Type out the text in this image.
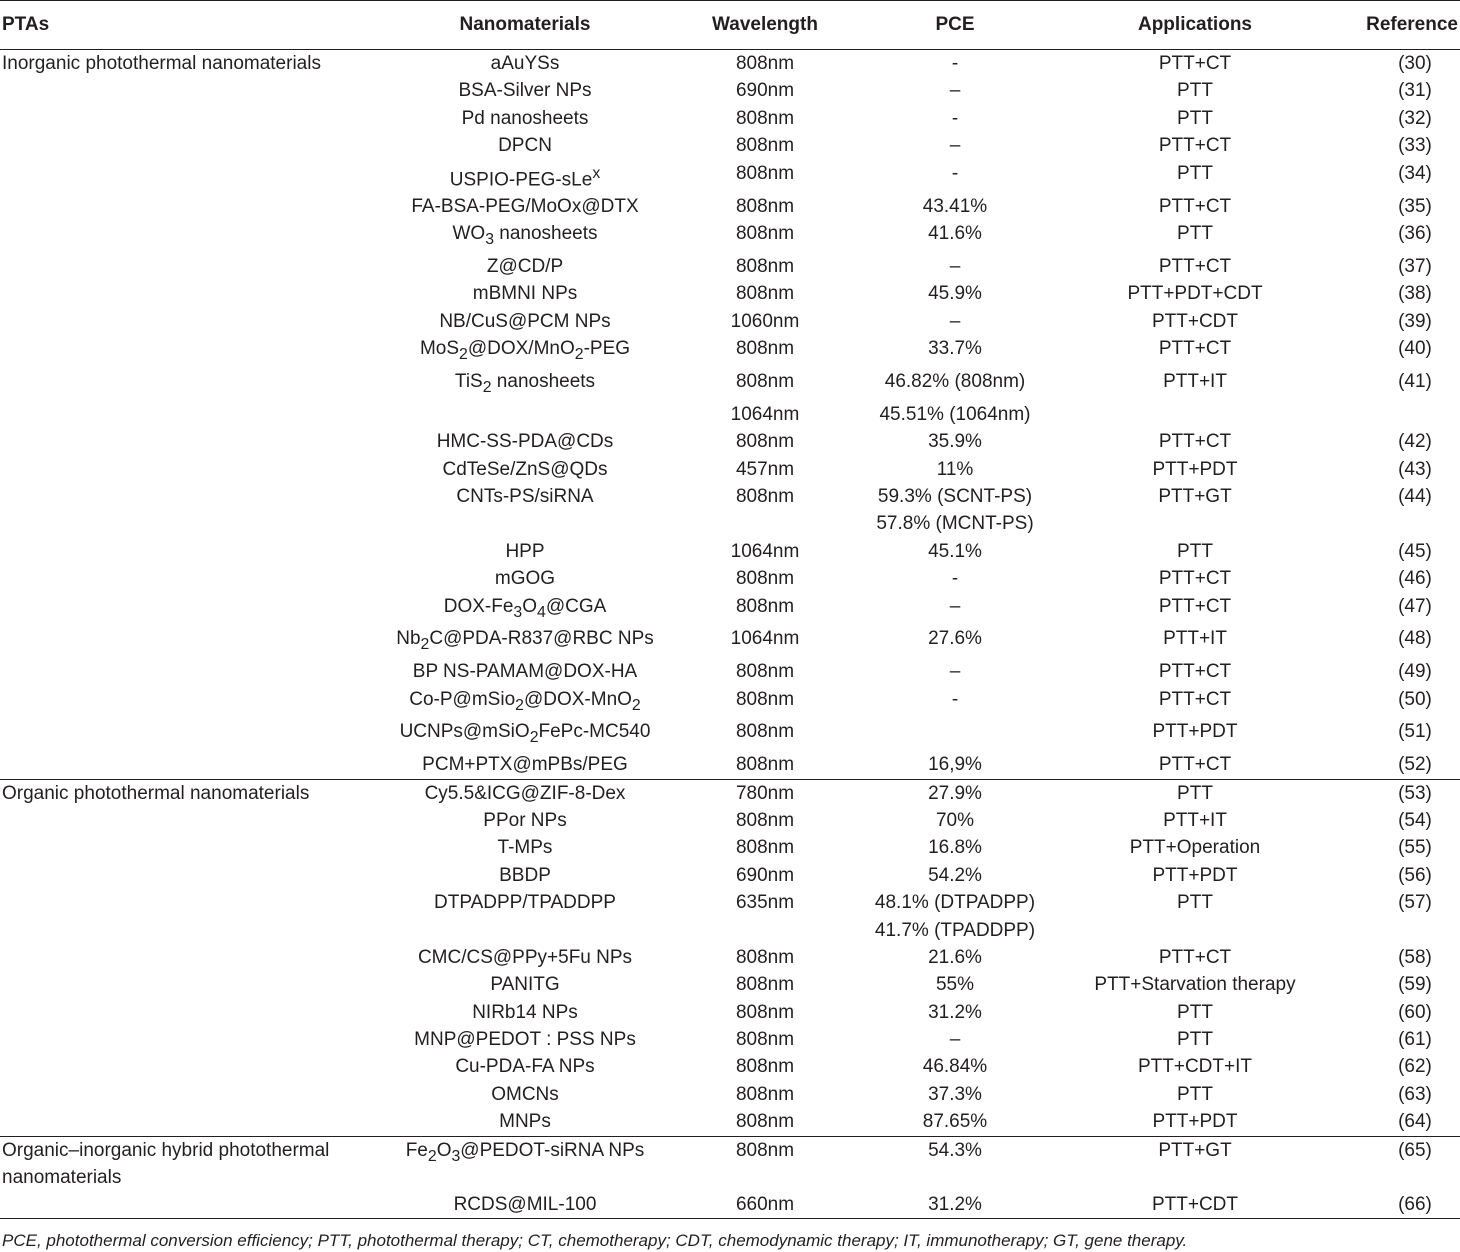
PTAs	Nanomaterials	Wavelength	PCE	Applications	Reference

Inorganic photothermal nanomaterials	aAuYSs	808nm	-	PTT+CT	(30)
	BSA-Silver NPs	690nm	–	PTT	(31)
	Pd nanosheets	808nm	-	PTT	(32)
	DPCN	808nm	–	PTT+CT	(33)
	USPIO-PEG-sLe$^x$	808nm	-	PTT	(34)
	FA-BSA-PEG/MoOx@DTX	808nm	43.41%	PTT+CT	(35)
	$WO_3$ nanosheets	808nm	41.6%	PTT	(36)
	Z@CD/P	808nm	–	PTT+CT	(37)
	mBMNI NPs	808nm	45.9%	PTT+PDT+CDT	(38)
	NB/CuS@PCM NPs	1060nm	–	PTT+CDT	(39)
	MoS$_2$@DOX/MnO$_2$-PEG	808nm	33.7%	PTT+CT	(40)
	TiS$_2$ nanosheets	808nm	46.82% (808nm)	PTT+IT	(41)
		1064nm	45.51% (1064nm)		
	HMC-SS-PDA@CDs	808nm	35.9%	PTT+CT	(42)
	CdTeSe/ZnS@QDs	457nm	11%	PTT+PDT	(43)
	CNTs-PS/siRNA	808nm	59.3% (SCNT-PS)	PTT+GT	(44)
			57.8% (MCNT-PS)		
	HPP	1064nm	45.1%	PTT	(45)
	mGOG	808nm	-	PTT+CT	(46)
	DOX-$Fe_3O_4@CGA$	808nm	–	PTT+CT	(47)
	$Nb_2C@PDA-R837@RBC$ NPs	1064nm	27.6%	PTT+IT	(48)
	BP NS-PAMAM@DOX-HA	808nm	–	PTT+CT	(49)
	Co-P@mSio$_2$@DOX-MnO$_2$	808nm	-	PTT+CT	(50)
	UCNPs@mSiO$_2$FePc-MC540	808nm		PTT+PDT	(51)
	PCM+PTX@mPBs/PEG	808nm	16,9%	PTT+CT	(52)

Organic photothermal nanomaterials	Cy5.5&ICG@ZIF-8-Dex	780nm	27.9%	PTT	(53)
	PPor NPs	808nm	70%	PTT+IT	(54)
	T-MPs	808nm	16.8%	PTT+Operation	(55)
	BBDP	690nm	54.2%	PTT+PDT	(56)
	DTPADPP/TPADDPP	635nm	48.1% (DTPADPP)	PTT	(57)
			41.7% (TPADDPP)		
	CMC/CS@PPy+5Fu NPs	808nm	21.6%	PTT+CT	(58)
	PANITG	808nm	55%	PTT+Starvation therapy	(59)
	NIRb14 NPs	808nm	31.2%	PTT	(60)
	MNP@PEDOT : PSS NPs	808nm	–	PTT	(61)
	Cu-PDA-FA NPs	808nm	46.84%	PTT+CDT+IT	(62)
	OMCNs	808nm	37.3%	PTT	(63)
	MNPs	808nm	87.65%	PTT+PDT	(64)

Organic–inorganic hybrid photothermal nanomaterials	$Fe_2O_3@PEDOT$-siRNA NPs	808nm	54.3%	PTT+GT	(65)
	RCDS@MIL-100	660nm	31.2%	PTT+CDT	(66)
PCE, photothermal conversion efficiency; PTT, photothermal therapy; CT, chemotherapy; CDT, chemodynamic therapy; IT, immunotherapy; GT, gene therapy.
